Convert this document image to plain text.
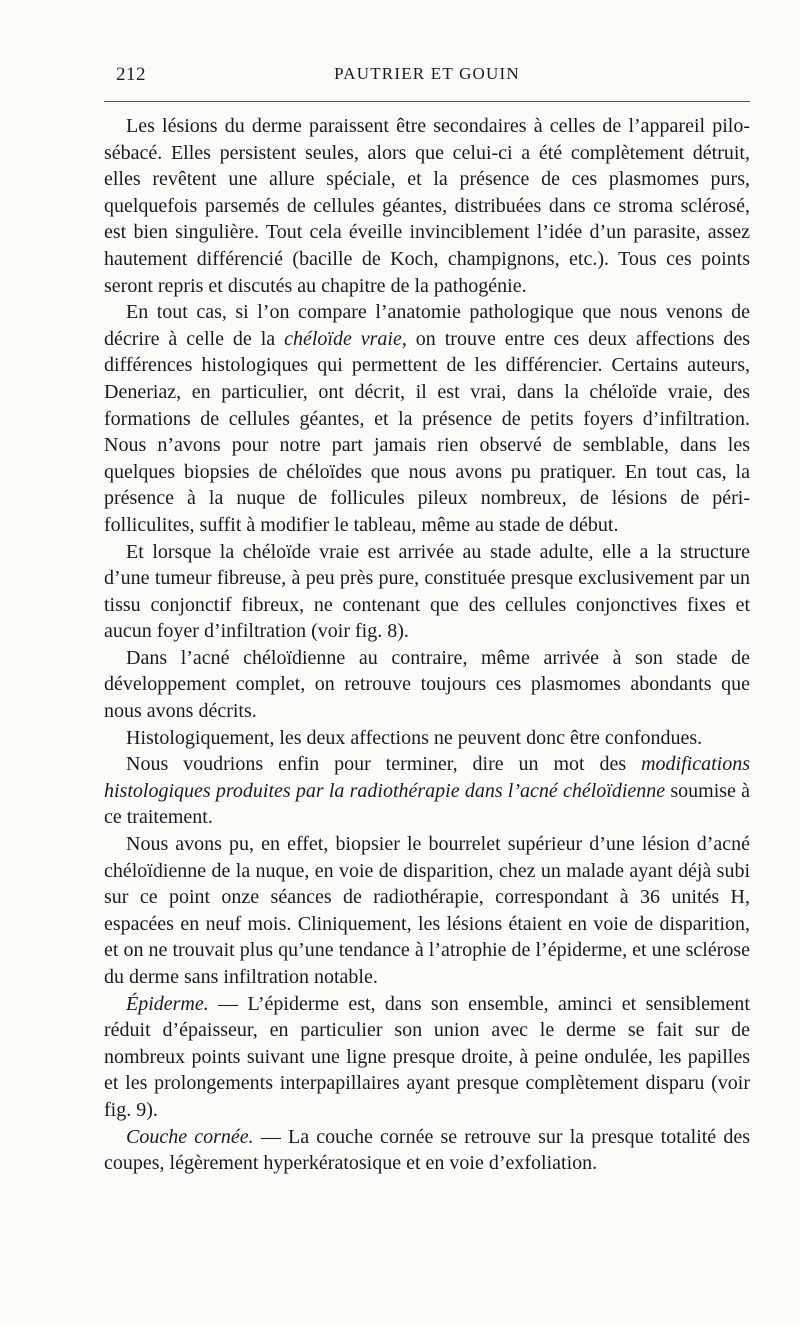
PAUTRIER ET GOUIN
212

Les lésions du derme paraissent être secondaires à celles de l’appareil pilo-sébacé. Elles persistent seules, alors que celui-ci a été complètement détruit, elles revêtent une allure spéciale, et la présence de ces plasmomes purs, quelquefois parsemés de cellules géantes, distribuées dans ce stroma sclérosé, est bien singulière. Tout cela éveille invinciblement l’idée d’un parasite, assez hautement différencié (bacille de Koch, champignons, etc.). Tous ces points seront repris et discutés au chapitre de la pathogénie.

En tout cas, si l’on compare l’anatomie pathologique que nous venons de décrire à celle de la chéloïde vraie, on trouve entre ces deux affections des différences histologiques qui permettent de les différencier. Certains auteurs, Deneriaz, en particulier, ont décrit, il est vrai, dans la chéloïde vraie, des formations de cellules géantes, et la présence de petits foyers d’infiltration. Nous n’avons pour notre part jamais rien observé de semblable, dans les quelques biopsies de chéloïdes que nous avons pu pratiquer. En tout cas, la présence à la nuque de follicules pileux nombreux, de lésions de péri-folliculites, suffit à modifier le tableau, même au stade de début.

Et lorsque la chéloïde vraie est arrivée au stade adulte, elle a la structure d’une tumeur fibreuse, à peu près pure, constituée presque exclusivement par un tissu conjonctif fibreux, ne contenant que des cellules conjonctives fixes et aucun foyer d’infiltration (voir fig. 8).

Dans l’acné chéloïdienne au contraire, même arrivée à son stade de développement complet, on retrouve toujours ces plasmomes abondants que nous avons décrits.

Histologiquement, les deux affections ne peuvent donc être confondues.

Nous voudrions enfin pour terminer, dire un mot des modifications histologiques produites par la radiothérapie dans l’acné chéloïdienne soumise à ce traitement.

Nous avons pu, en effet, biopsier le bourrelet supérieur d’une lésion d’acné chéloïdienne de la nuque, en voie de disparition, chez un malade ayant déjà subi sur ce point onze séances de radiothérapie, correspondant à 36 unités H, espacées en neuf mois. Cliniquement, les lésions étaient en voie de disparition, et on ne trouvait plus qu’une tendance à l’atrophie de l’épiderme, et une sclérose du derme sans infiltration notable.

Épiderme. — L’épiderme est, dans son ensemble, aminci et sensiblement réduit d’épaisseur, en particulier son union avec le derme se fait sur de nombreux points suivant une ligne presque droite, à peine ondulée, les papilles et les prolongements interpapillaires ayant presque complètement disparu (voir fig. 9).

Couche cornée. — La couche cornée se retrouve sur la presque totalité des coupes, légèrement hyperkératosique et en voie d’exfoliation.
